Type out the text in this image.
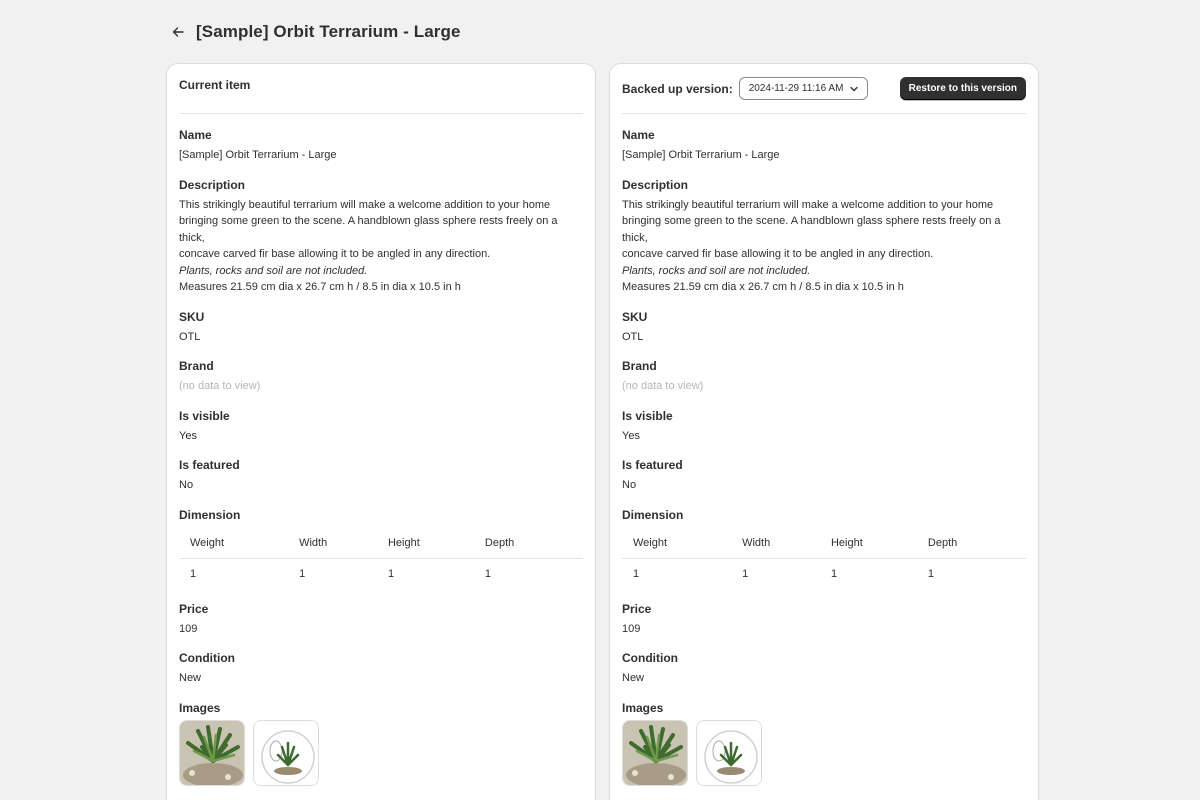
[Sample] Orbit Terrarium - Large
Current item
Name
[Sample] Orbit Terrarium - Large
Description
This strikingly beautiful terrarium will make a welcome addition to your home
bringing some green to the scene. A handblown glass sphere rests freely on a thick,
concave carved fir base allowing it to be angled in any direction.
Plants, rocks and soil are not included.
Measures 21.59 cm dia x 26.7 cm h / 8.5 in dia x 10.5 in h
SKU
OTL
Brand
(no data to view)
Is visible
Yes
Is featured
No
Dimension
Weight	Width	Height	Depth
1	1	1	1
Price
109
Condition
New
Images
Backed up version: 2024-11-29 11:16 AM	Restore to this version
Name
[Sample] Orbit Terrarium - Large
Description
This strikingly beautiful terrarium will make a welcome addition to your home
bringing some green to the scene. A handblown glass sphere rests freely on a thick,
concave carved fir base allowing it to be angled in any direction.
Plants, rocks and soil are not included.
Measures 21.59 cm dia x 26.7 cm h / 8.5 in dia x 10.5 in h
SKU
OTL
Brand
(no data to view)
Is visible
Yes
Is featured
No
Dimension
Weight	Width	Height	Depth
1	1	1	1
Price
109
Condition
New
Images
